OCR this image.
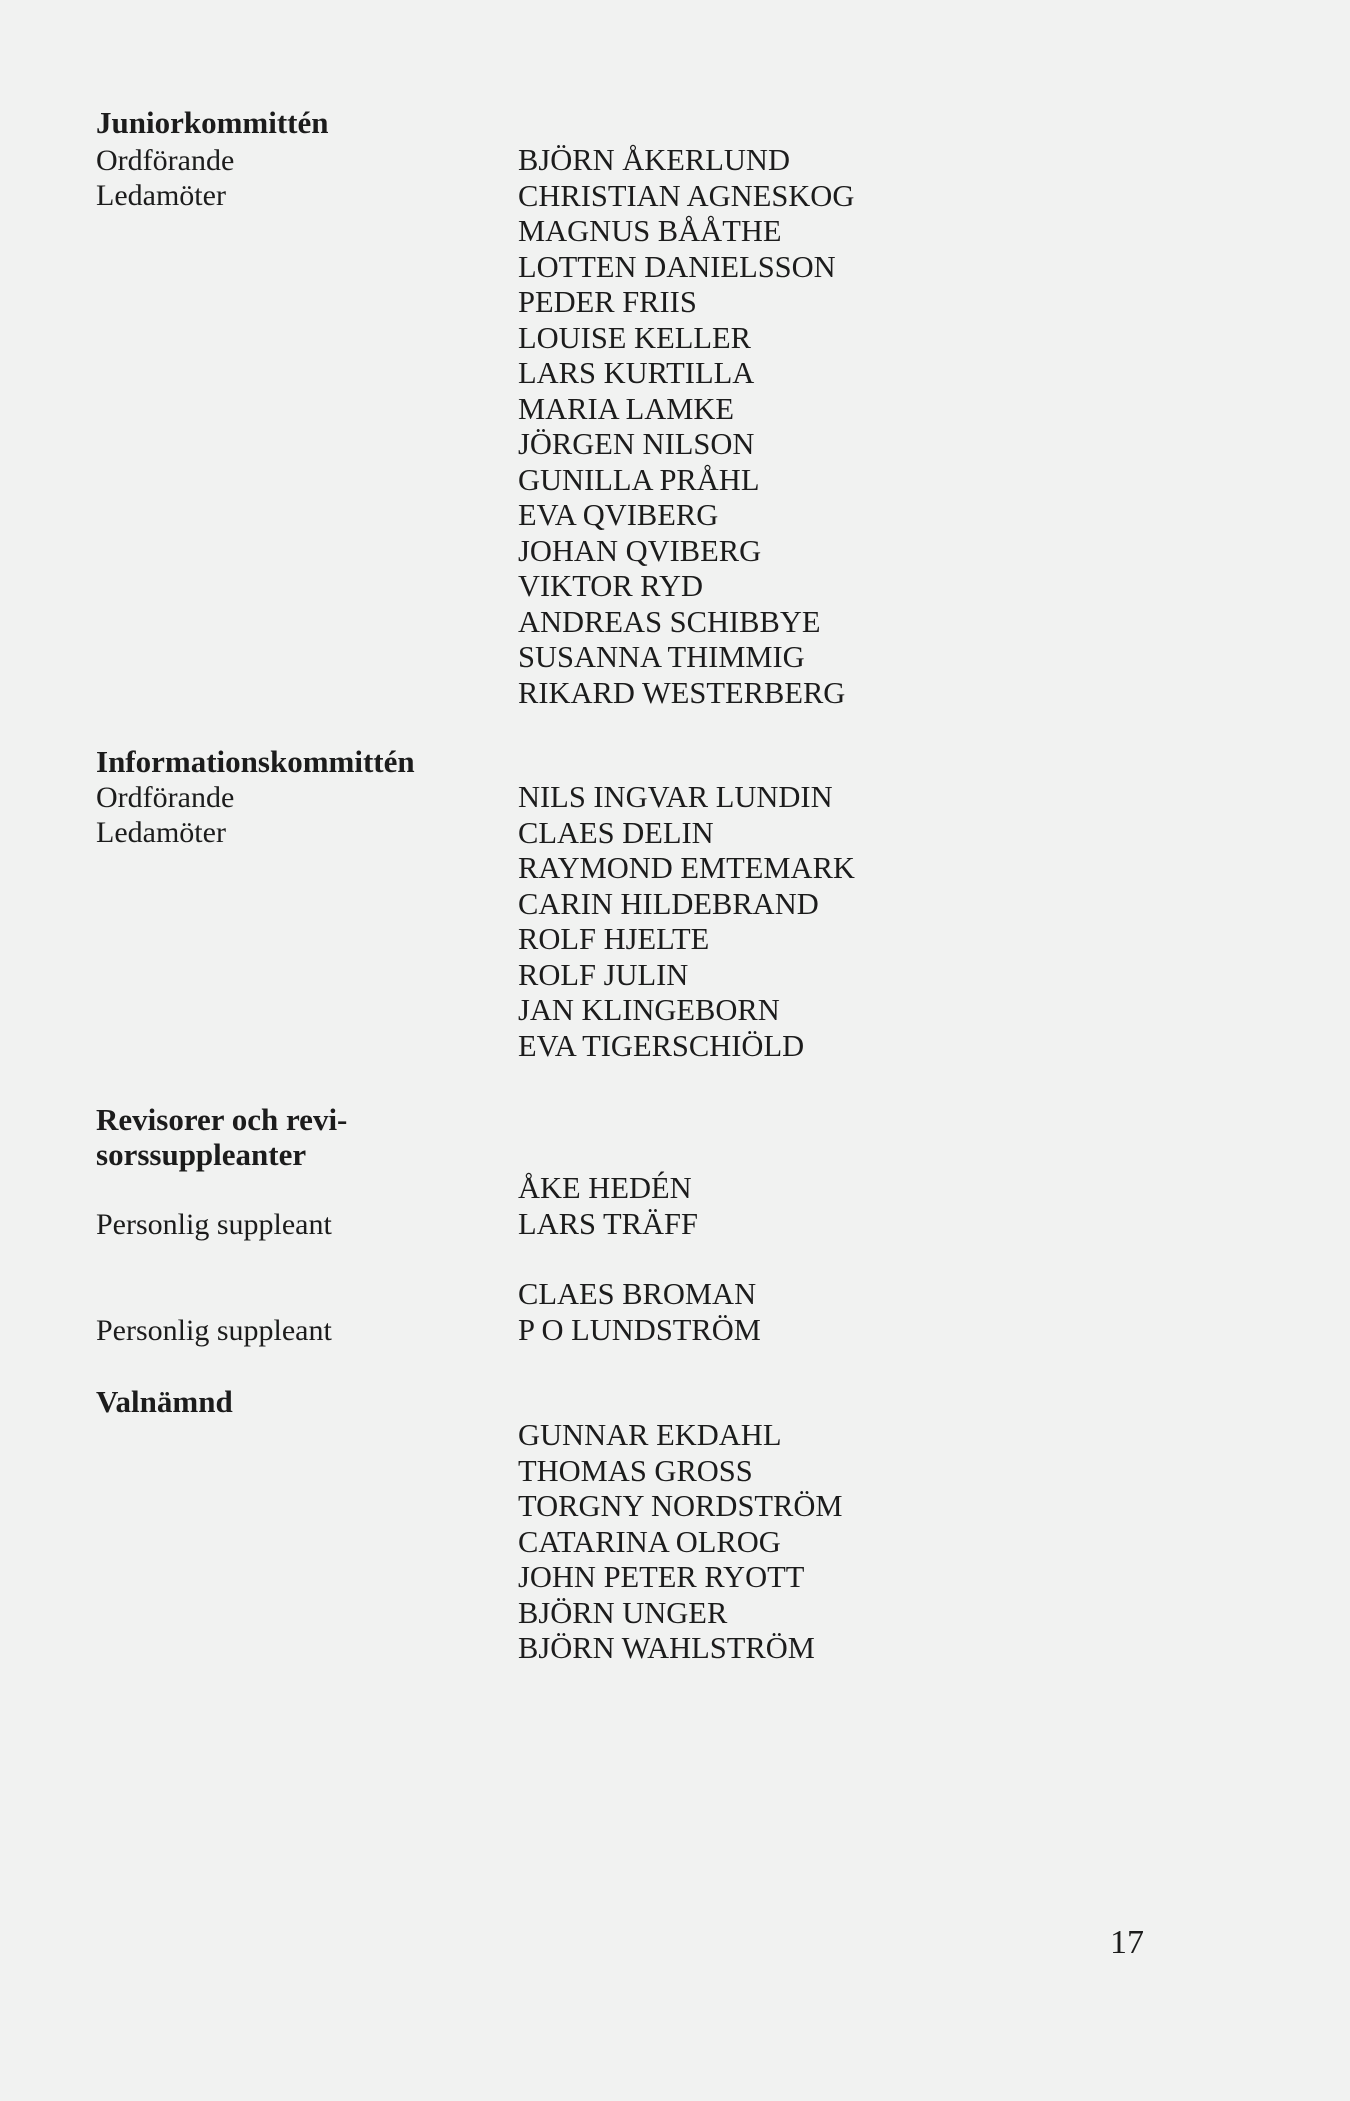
Juniorkommittén
Ordförande
Ledamöter
BJÖRN ÅKERLUND
CHRISTIAN AGNESKOG
MAGNUS BÅÅTHE
LOTTEN DANIELSSON
PEDER FRIIS
LOUISE KELLER
LARS KURTILLA
MARIA LAMKE
JÖRGEN NILSON
GUNILLA PRÅHL
EVA QVIBERG
JOHAN QVIBERG
VIKTOR RYD
ANDREAS SCHIBBYE
SUSANNA THIMMIG
RIKARD WESTERBERG
Informationskommittén
Ordförande
Ledamöter
NILS INGVAR LUNDIN
CLAES DELIN
RAYMOND EMTEMARK
CARIN HILDEBRAND
ROLF HJELTE
ROLF JULIN
JAN KLINGEBORN
EVA TIGERSCHIÖLD
Revisorer och revi-
sorssuppleanter
Personlig suppleant
ÅKE HEDÉN
LARS TRÄFF
Personlig suppleant
CLAES BROMAN
P O LUNDSTRÖM
Valnämnd
GUNNAR EKDAHL
THOMAS GROSS
TORGNY NORDSTRÖM
CATARINA OLROG
JOHN PETER RYOTT
BJÖRN UNGER
BJÖRN WAHLSTRÖM
17
